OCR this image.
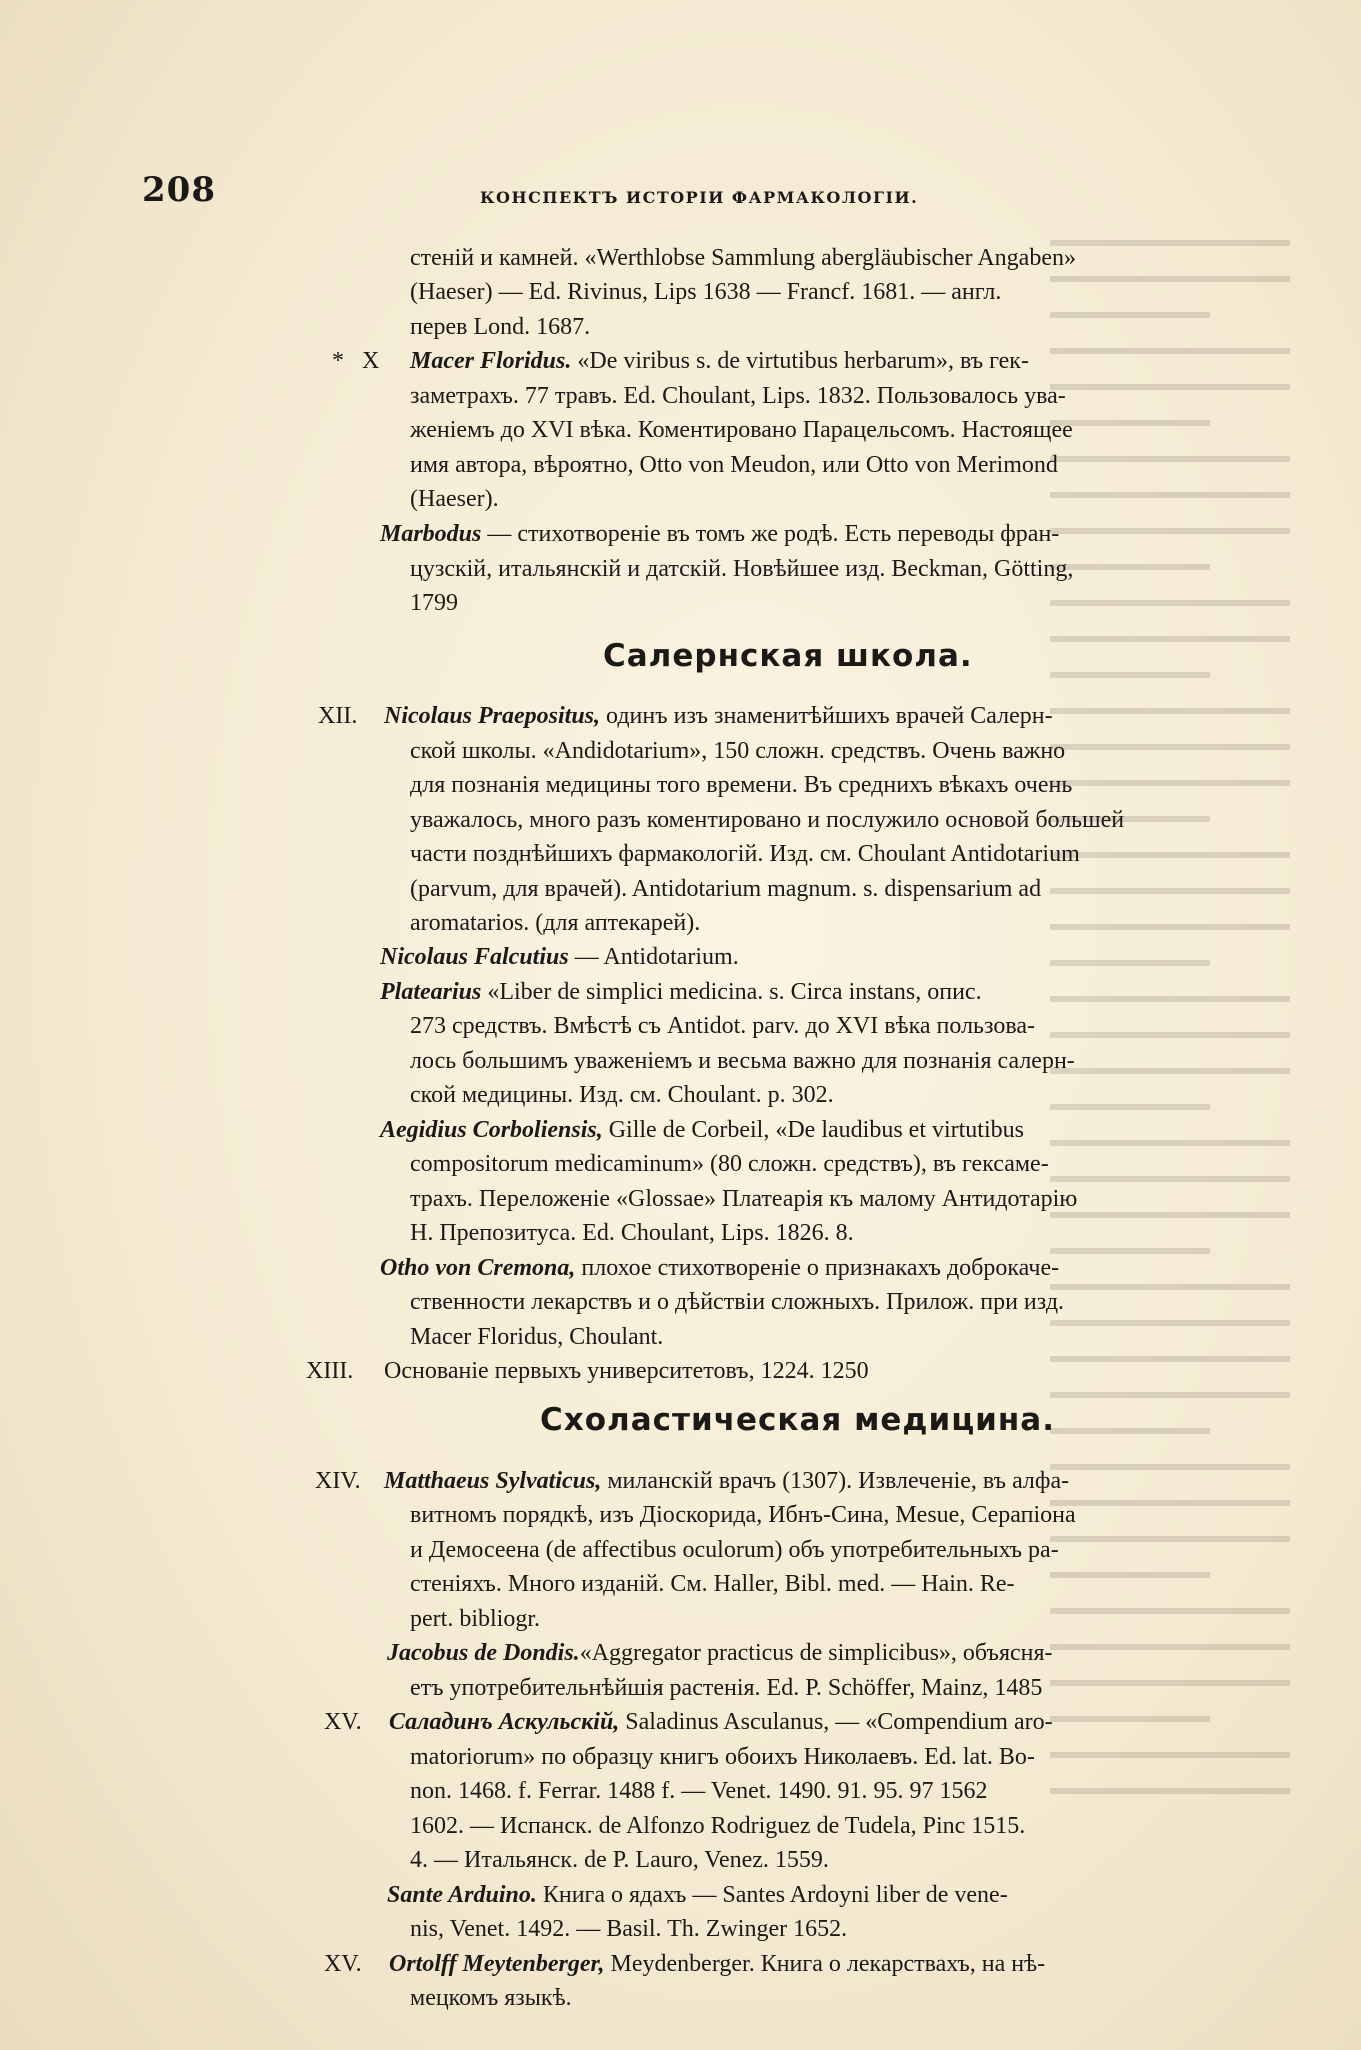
208	КОНСПЕКТЪ ИСТОРІИ ФАРМАКОЛОГІИ.
стеній и камней. «Werthlobse Sammlung abergläubischer Angaben»
(Haeser) — Ed. Rivinus, Lips 1638 — Francf. 1681. — англ.
перев Lond. 1687.
* X Macer Floridus. «De viribus s. de virtutibus herbarum», въ гек-
заметрахъ. 77 травъ. Ed. Choulant, Lips. 1832. Пользовалось ува-
женіемъ до XVI вѣка. Коментировано Парацельсомъ. Настоящее
имя автора, вѣроятно, Otto von Meudon, или Otto von Merimond
(Haeser).
Marbodus — стихотвореніе въ томъ же родѣ. Есть переводы фран-
цузскій, итальянскій и датскій. Новѣйшее изд. Beckman, Götting,
1799
Салернская школа.
XII. Nicolaus Praepositus, одинъ изъ знаменитѣйшихъ врачей Салерн-
ской школы. «Andidotarium», 150 сложн. средствъ. Очень важно
для познанія медицины того времени. Въ среднихъ вѣкахъ очень
уважалось, много разъ коментировано и послужило основой большей
части позднѣйшихъ фармакологій. Изд. см. Choulant Antidotarium
(parvum, для врачей). Antidotarium magnum. s. dispensarium ad
aromatarios. (для аптекарей).
Nicolaus Falcutius — Antidotarium.
Platearius «Liber de simplici medicina. s. Circa instans, опис.
273 средствъ. Вмѣстѣ съ Antidot. parv. до XVI вѣка пользова-
лось большимъ уваженіемъ и весьма важно для познанія салерн-
ской медицины. Изд. см. Choulant. p. 302.
Aegidius Corboliensis, Gille de Corbeil, «De laudibus et virtutibus
compositorum medicaminum» (80 сложн. средствъ), въ гексаме-
трахъ. Переложеніе «Glossae» Платеарія къ малому Антидотарію
Н. Препозитуса. Ed. Choulant, Lips. 1826. 8.
Otho von Cremona, плохое стихотвореніе о признакахъ доброкаче-
ственности лекарствъ и о дѣйствіи сложныхъ. Прилож. при изд.
Macer Floridus, Choulant.
XIII. Основаніе первыхъ университетовъ, 1224. 1250
Схоластическая медицина.
XIV. Matthaeus Sylvaticus, миланскій врачъ (1307). Извлеченіе, въ алфа-
витномъ порядкѣ, изъ Діоскорида, Ибнъ-Сина, Mesue, Серапіона
и Демосеена (de affectibus oculorum) объ употребительныхъ ра-
стеніяхъ. Много изданій. См. Haller, Bibl. med. — Hain. Re-
pert. bibliogr.
Jacobus de Dondis.«Aggregator practicus de simplicibus», объясня-
етъ употребительнѣйшія растенія. Ed. P. Schöffer, Mainz, 1485
XV. Саладинъ Аскульскій, Saladinus Asculanus, — «Compendium aro-
matoriorum» по образцу книгъ обоихъ Николаевъ. Ed. lat. Bo-
non. 1468. f. Ferrar. 1488 f. — Venet. 1490. 91. 95. 97 1562
1602. — Испанск. de Alfonzo Rodriguez de Tudela, Pinc 1515.
4. — Итальянск. de P. Lauro, Venez. 1559.
Sante Arduino. Книга о ядахъ — Santes Ardoyni liber de vene-
nis, Venet. 1492. — Basil. Th. Zwinger 1652.
XV. Ortolff Meytenberger, Meydenberger. Книга о лекарствахъ, на нѣ-
мецкомъ языкѣ.
